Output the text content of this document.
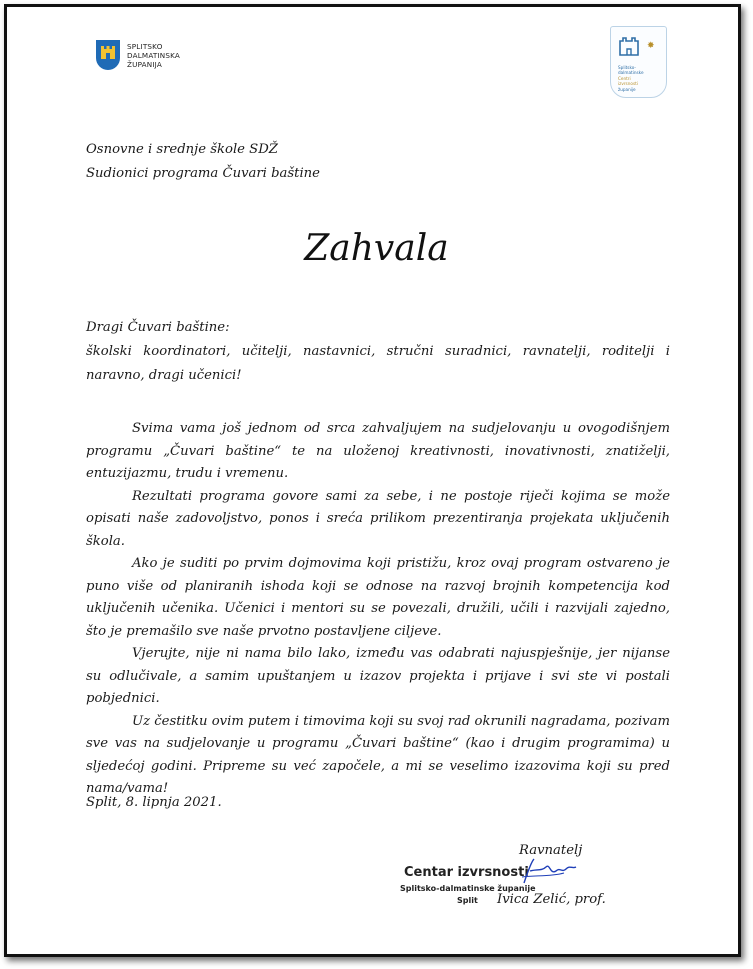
SPLITSKO
DALMATINSKA
ŽUPANIJA
✸
Splitsko-
dalmatinske
Centri
izvrsnosti
županije
Osnovne i srednje škole SDŽ
Sudionici programa Čuvari baštine
Zahvala
Dragi Čuvari baštine:
školski koordinatori, učitelji, nastavnici, stručni suradnici, ravnatelji, roditelji i naravno, dragi učenici!

Svima vama još jednom od srca zahvaljujem na sudjelovanju u ovogodišnjem programu „Čuvari baštine“ te na uloženoj kreativnosti, inovativnosti, znatiželji, entuzijazmu, trudu i vremenu.

Rezultati programa govore sami za sebe, i ne postoje riječi kojima se može opisati naše zadovoljstvo, ponos i sreća prilikom prezentiranja projekata uključenih škola.

Ako je suditi po prvim dojmovima koji pristižu, kroz ovaj program ostvareno je puno više od planiranih ishoda koji se odnose na razvoj brojnih kompetencija kod uključenih učenika. Učenici i mentori su se povezali, družili, učili i razvijali zajedno, što je premašilo sve naše prvotno postavljene ciljeve.

Vjerujte, nije ni nama bilo lako, između vas odabrati najuspješnije, jer nijanse su odlučivale, a samim upuštanjem u izazov projekta i prijave i svi ste vi postali pobjednici.

Uz čestitku ovim putem i timovima koji su svoj rad okrunili nagradama, pozivam sve vas na sudjelovanje u programu „Čuvari baštine“ (kao i drugim programima) u sljedećoj godini. Pripreme su već započele, a mi se veselimo izazovima koji su pred nama/vama!

Split, 8. lipnja 2021.
Ravnatelj
Centar izvrsnosti
Splitsko-dalmatinske županije
Split Ivica Zelić, prof.
